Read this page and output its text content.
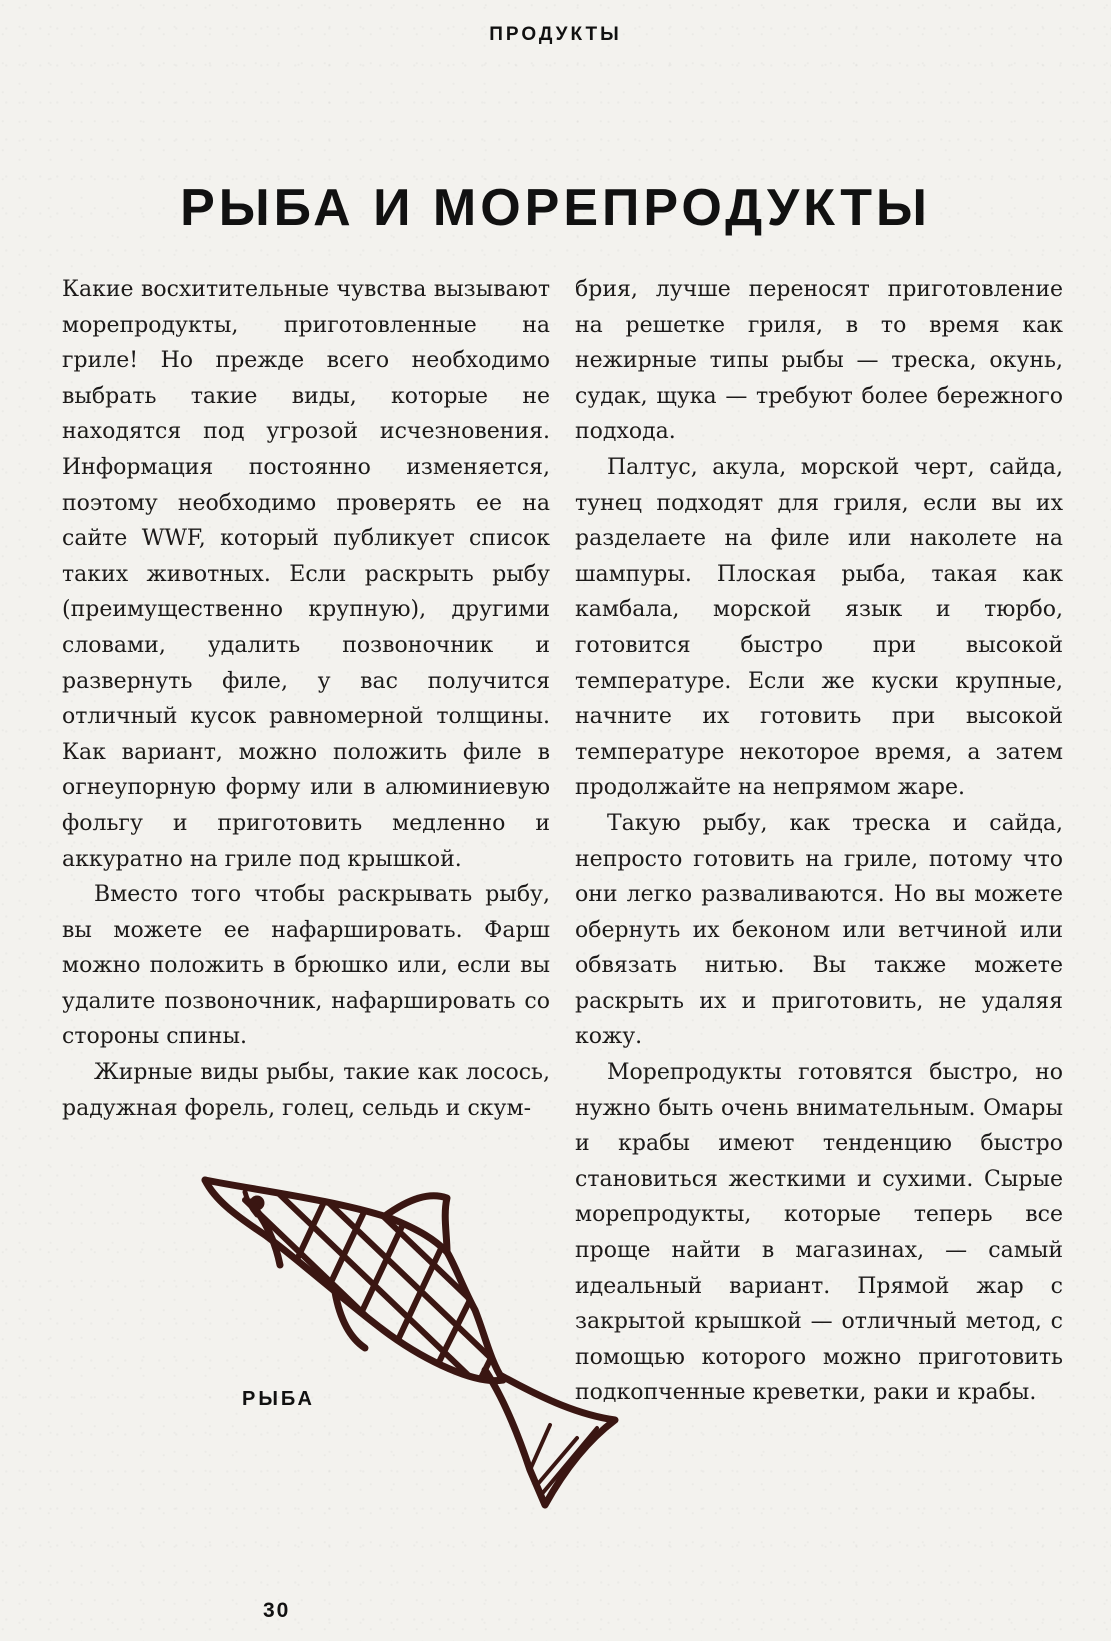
ПРОДУКТЫ
РЫБА И МОРЕПРОДУКТЫ

Какие восхитительные чувства вызывают морепродукты, приготовленные на гриле! Но прежде всего необходимо выбрать такие виды, которые не находятся под угрозой исчезновения. Информация постоянно изменяется, поэтому необходимо проверять ее на сайте WWF, который публикует список таких животных. Если раскрыть рыбу (преимущественно крупную), другими словами, удалить позвоночник и развернуть филе, у вас получится отличный кусок равномерной толщины. Как вариант, можно положить филе в огнеупорную форму или в алюминиевую фольгу и приготовить медленно и аккуратно на гриле под крышкой.

Вместо того чтобы раскрывать рыбу, вы можете ее нафаршировать. Фарш можно положить в брюшко или, если вы удалите позвоночник, нафаршировать со стороны спины.

Жирные виды рыбы, такие как лосось, радужная форель, голец, сельдь и скум-

брия, лучше переносят приготовление на решетке гриля, в то время как нежирные типы рыбы — треска, окунь, судак, щука — требуют более бережного подхода.

Палтус, акула, морской черт, сайда, тунец подходят для гриля, если вы их разделаете на филе или наколете на шампуры. Плоская рыба, такая как камбала, морской язык и тюрбо, готовится быстро при высокой температуре. Если же куски крупные, начните их готовить при высокой температуре некоторое время, а затем продолжайте на непрямом жаре.

Такую рыбу, как треска и сайда, непросто готовить на гриле, потому что они легко разваливаются. Но вы можете обернуть их беконом или ветчиной или обвязать нитью. Вы также можете раскрыть их и приготовить, не удаляя кожу.

Морепродукты готовятся быстро, но нужно быть очень внимательным. Омары и крабы имеют тенденцию быстро становиться жесткими и сухими. Сырые морепродукты, которые теперь все проще найти в магазинах, — самый идеальный вариант. Прямой жар с закрытой крышкой — отличный метод, с помощью которого можно приготовить подкопченные креветки, раки и крабы.

РЫБА
30
